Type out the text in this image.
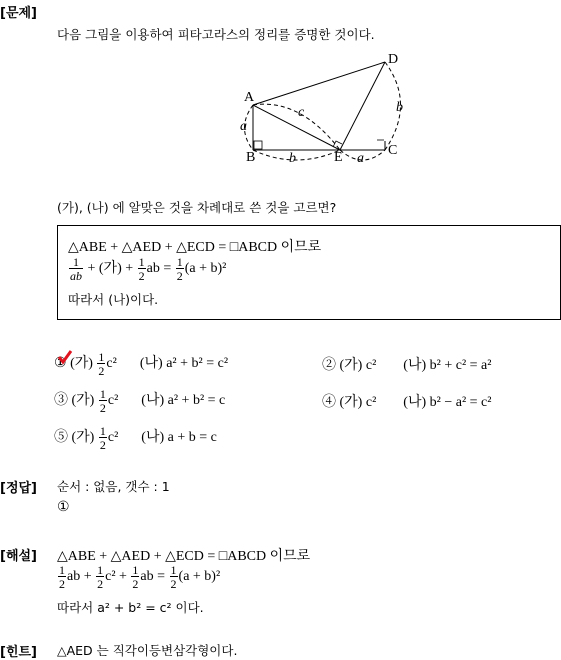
[문제]
다음 그림을 이용하여 피타고라스의 정리를 증명한 것이다.
A
B	C
D
E
a
b
c	b
a
(가), (나) 에 알맞은 것을 차례대로 쓴 것을 고르면?
△ABE + △AED + △ECD = □ABCD 이므로
$\frac{1}{ab}$ + (가) + $\frac{1}{2}$ ab = $\frac{1}{2} (a + b)^2$
따라서 (나)이다.
① (가) $\frac{1}{2} c^2$ (나) a² + b² = c²	② (가) c² (나) b² + c² = a²
③ (가) $\frac{1}{2} c^2$ (나) a² + b² = c	④ (가) c² (나) b² − a² = c²
⑤ (가) $\frac{1}{2} c^2$ (나) a + b = c
[정답] 순서 : 없음, 갯수 : 1
①
[해설] △ABE + △AED + △ECD = □ABCD 이므로
$\frac{1}{2}$ ab + $\frac{1}{2} c^2 + \frac{1}{2}$ ab = $\frac{1}{2} (a + b)^2$
따라서 a² + b² = c² 이다.
[힌트] △AED 는 직각이등변삼각형이다.
